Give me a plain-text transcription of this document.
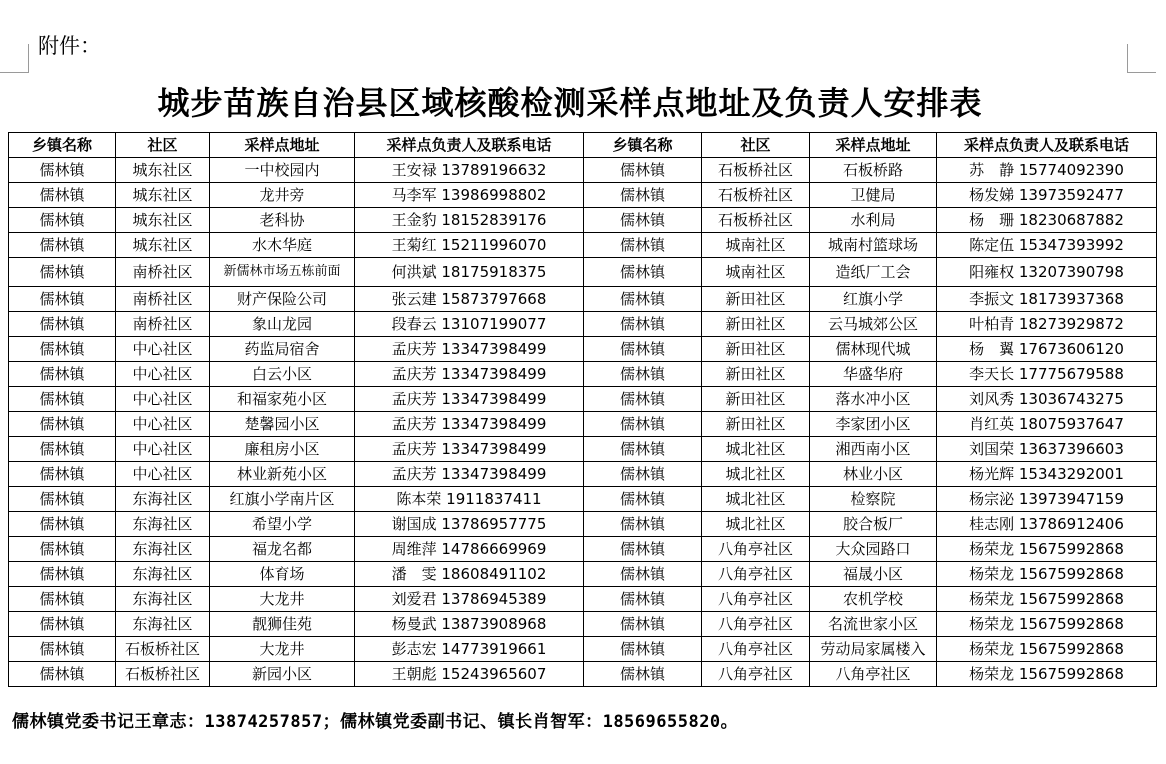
附件：
城步苗族自治县区域核酸检测采样点地址及负责人安排表
乡镇名称	社区	采样点地址	采样点负责人及联系电话	乡镇名称	社区	采样点地址	采样点负责人及联系电话
儒林镇	城东社区	一中校园内	王安禄 13789196632	儒林镇	石板桥社区	石板桥路	苏　静 15774092390
儒林镇	城东社区	龙井旁	马李军 13986998802	儒林镇	石板桥社区	卫健局	杨发娣 13973592477
儒林镇	城东社区	老科协	王金豹 18152839176	儒林镇	石板桥社区	水利局	杨　珊 18230687882
儒林镇	城东社区	水木华庭	王菊红 15211996070	儒林镇	城南社区	城南村篮球场	陈定伍 15347393992
儒林镇	南桥社区	新儒林市场五栋前面	何洪斌 18175918375	儒林镇	城南社区	造纸厂工会	阳雍权 13207390798
儒林镇	南桥社区	财产保险公司	张云建 15873797668	儒林镇	新田社区	红旗小学	李振文 18173937368
儒林镇	南桥社区	象山龙园	段春云 13107199077	儒林镇	新田社区	云马城郊公区	叶柏青 18273929872
儒林镇	中心社区	药监局宿舍	孟庆芳 13347398499	儒林镇	新田社区	儒林现代城	杨　翼 17673606120
儒林镇	中心社区	白云小区	孟庆芳 13347398499	儒林镇	新田社区	华盛华府	李天长 17775679588
儒林镇	中心社区	和福家苑小区	孟庆芳 13347398499	儒林镇	新田社区	落水冲小区	刘风秀 13036743275
儒林镇	中心社区	楚馨园小区	孟庆芳 13347398499	儒林镇	新田社区	李家团小区	肖红英 18075937647
儒林镇	中心社区	廉租房小区	孟庆芳 13347398499	儒林镇	城北社区	湘西南小区	刘国荣 13637396603
儒林镇	中心社区	林业新苑小区	孟庆芳 13347398499	儒林镇	城北社区	林业小区	杨光辉 15343292001
儒林镇	东海社区	红旗小学南片区	陈本荣 1911837411	儒林镇	城北社区	检察院	杨宗泌 13973947159
儒林镇	东海社区	希望小学	谢国成 13786957775	儒林镇	城北社区	胶合板厂	桂志刚 13786912406
儒林镇	东海社区	福龙名都	周维萍 14786669969	儒林镇	八角亭社区	大众园路口	杨荣龙 15675992868
儒林镇	东海社区	体育场	潘　雯 18608491102	儒林镇	八角亭社区	福晟小区	杨荣龙 15675992868
儒林镇	东海社区	大龙井	刘爱君 13786945389	儒林镇	八角亭社区	农机学校	杨荣龙 15675992868
儒林镇	东海社区	靓狮佳苑	杨曼武 13873908968	儒林镇	八角亭社区	名流世家小区	杨荣龙 15675992868
儒林镇	石板桥社区	大龙井	彭志宏 14773919661	儒林镇	八角亭社区	劳动局家属楼入	杨荣龙 15675992868
儒林镇	石板桥社区	新园小区	王朝彪 15243965607	儒林镇	八角亭社区	八角亭社区	杨荣龙 15675992868
儒林镇党委书记王章志：13874257857；儒林镇党委副书记、镇长肖智军：18569655820。
